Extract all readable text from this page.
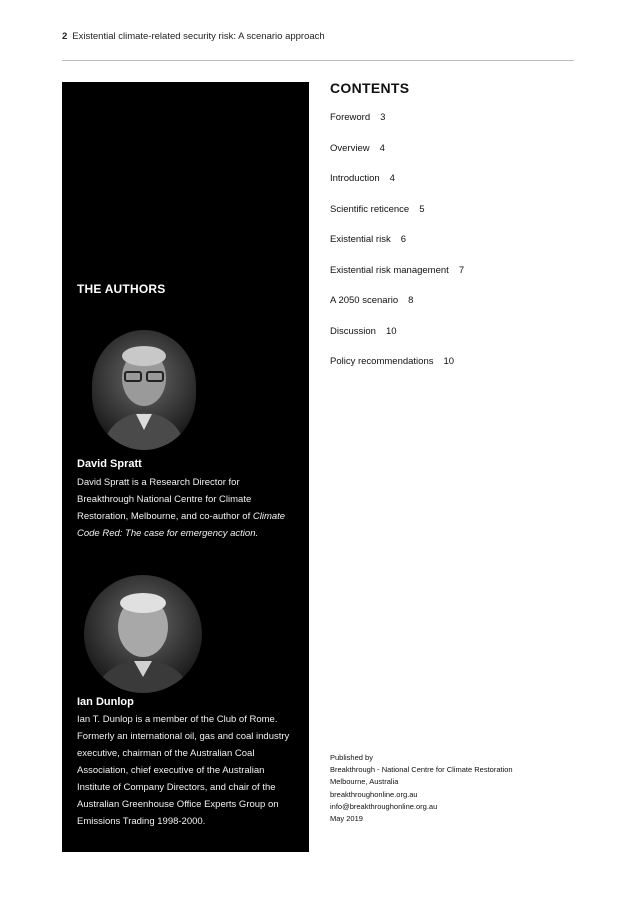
2 Existential climate-related security risk: A scenario approach
THE AUTHORS
David Spratt
David Spratt is a Research Director for Breakthrough National Centre for Climate Restoration, Melbourne, and co-author of Climate Code Red: The case for emergency action.
Ian Dunlop
Ian T. Dunlop is a member of the Club of Rome. Formerly an international oil, gas and coal industry executive, chairman of the Australian Coal Association, chief executive of the Australian Institute of Company Directors, and chair of the Australian Greenhouse Office Experts Group on Emissions Trading 1998-2000.
CONTENTS
Foreword 3
Overview 4
Introduction 4
Scientific reticence 5
Existential risk 6
Existential risk management 7
A 2050 scenario 8
Discussion 10
Policy recommendations 10
Published by
Breakthrough - National Centre for Climate Restoration
Melbourne, Australia
breakthroughonline.org.au
info@breakthroughonline.org.au
May 2019
